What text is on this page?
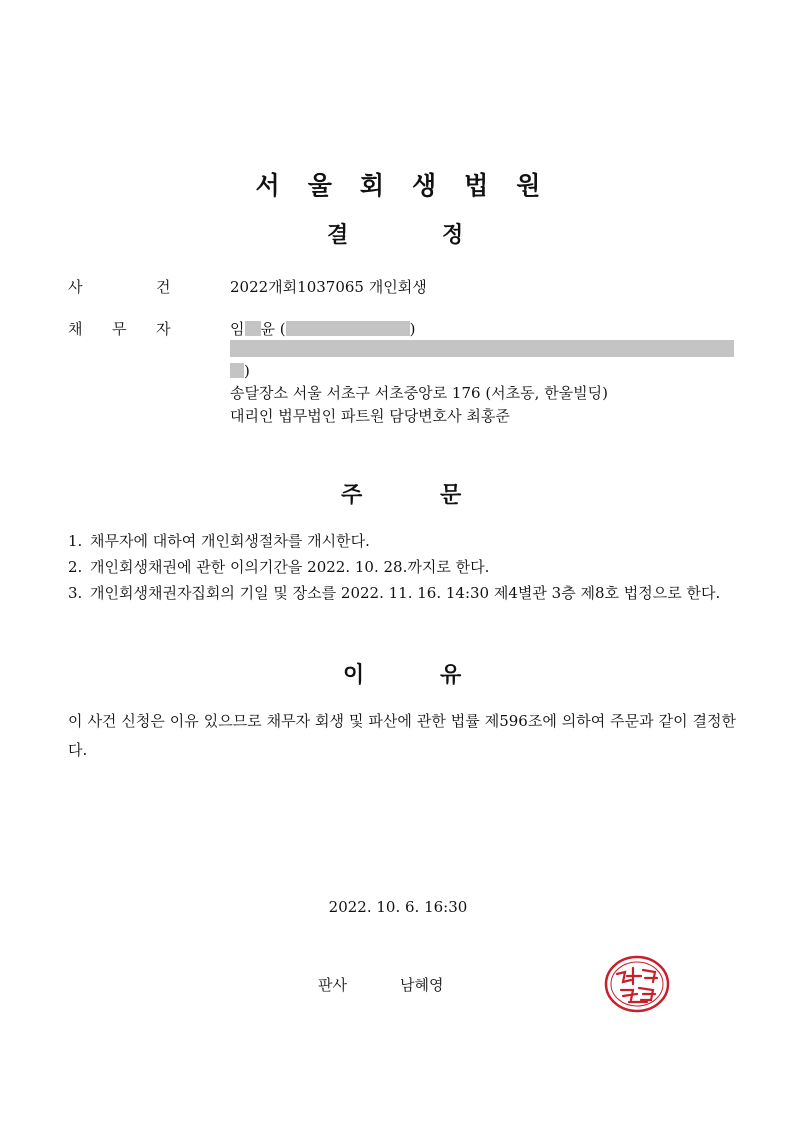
서울회생법원
결	정
사	건	2022개회1037065 개인회생
채 무 자	임 윤 (	)
)
송달장소 서울 서초구 서초중앙로 176 (서초동, 한울빌딩)
대리인 법무법인 파트원 담당변호사 최홍준
주	문
1. 채무자에 대하여 개인회생절차를 개시한다.
2. 개인회생채권에 관한 이의기간을 2022. 10. 28.까지로 한다.
3. 개인회생채권자집회의 기일 및 장소를 2022. 11. 16. 14:30 제4별관 3층 제8호 법정으로 한다.
이	유
이 사건 신청은 이유 있으므로 채무자 회생 및 파산에 관한 법률 제596조에 의하여 주문과 같이 결정한다.
2022. 10. 6. 16:30
판사	남혜영
